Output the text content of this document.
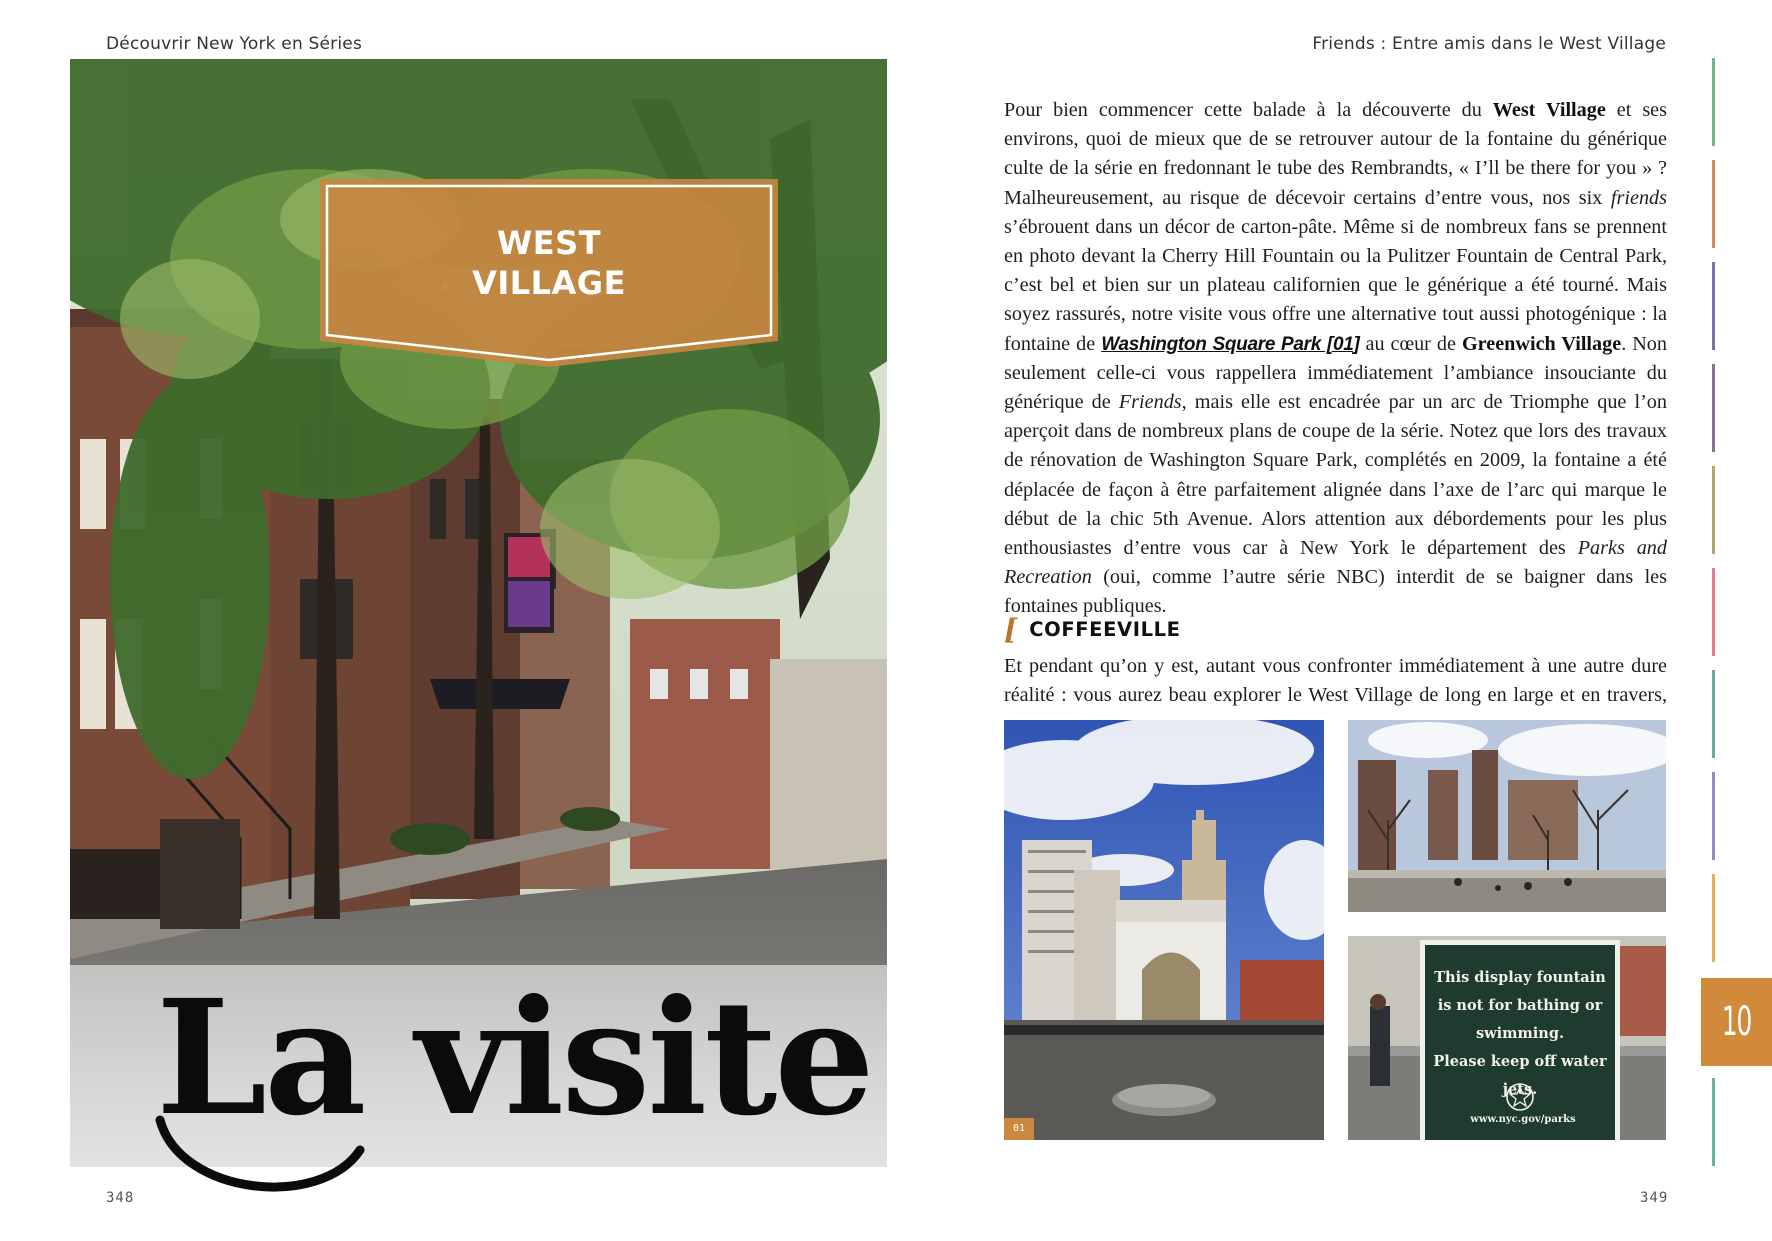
Découvrir New York en Séries	Friends : Entre amis dans le West Village
WEST
VILLAGE
La visite
348
Pour bien commencer cette balade à la découverte du West Village et ses environs, quoi de mieux que de se retrouver autour de la fontaine du générique culte de la série en fredonnant le tube des Rembrandts, « I’ll be there for you » ? Malheureusement, au risque de décevoir certains d’entre vous, nos six friends s’ébrouent dans un décor de carton-pâte. Même si de nombreux fans se prennent en photo devant la Cherry Hill Fountain ou la Pulitzer Fountain de Central Park, c’est bel et bien sur un plateau californien que le générique a été tourné. Mais soyez rassurés, notre visite vous offre une alternative tout aussi photogénique : la fontaine de Washington Square Park [01] au cœur de Greenwich Village. Non seulement celle-ci vous rappellera immédiatement l’ambiance insouciante du générique de Friends, mais elle est encadrée par un arc de Triomphe que l’on aperçoit dans de nombreux plans de coupe de la série. Notez que lors des travaux de rénovation de Washington Square Park, complétés en 2009, la fontaine a été déplacée de façon à être parfaitement alignée dans l’axe de l’arc qui marque le début de la chic 5th Avenue. Alors attention aux débordements pour les plus enthousiastes d’entre vous car à New York le département des Parks and Recreation (oui, comme l’autre série NBC) interdit de se baigner dans les fontaines publiques.
[ COFFEEVILLE
Et pendant qu’on y est, autant vous confronter immédiatement à une autre dure réalité : vous aurez beau explorer le West Village de long en large et en travers,
01
This display fountain
is not for bathing or
swimming.
Please keep off water jets.
www.nyc.gov/parks
349
10
